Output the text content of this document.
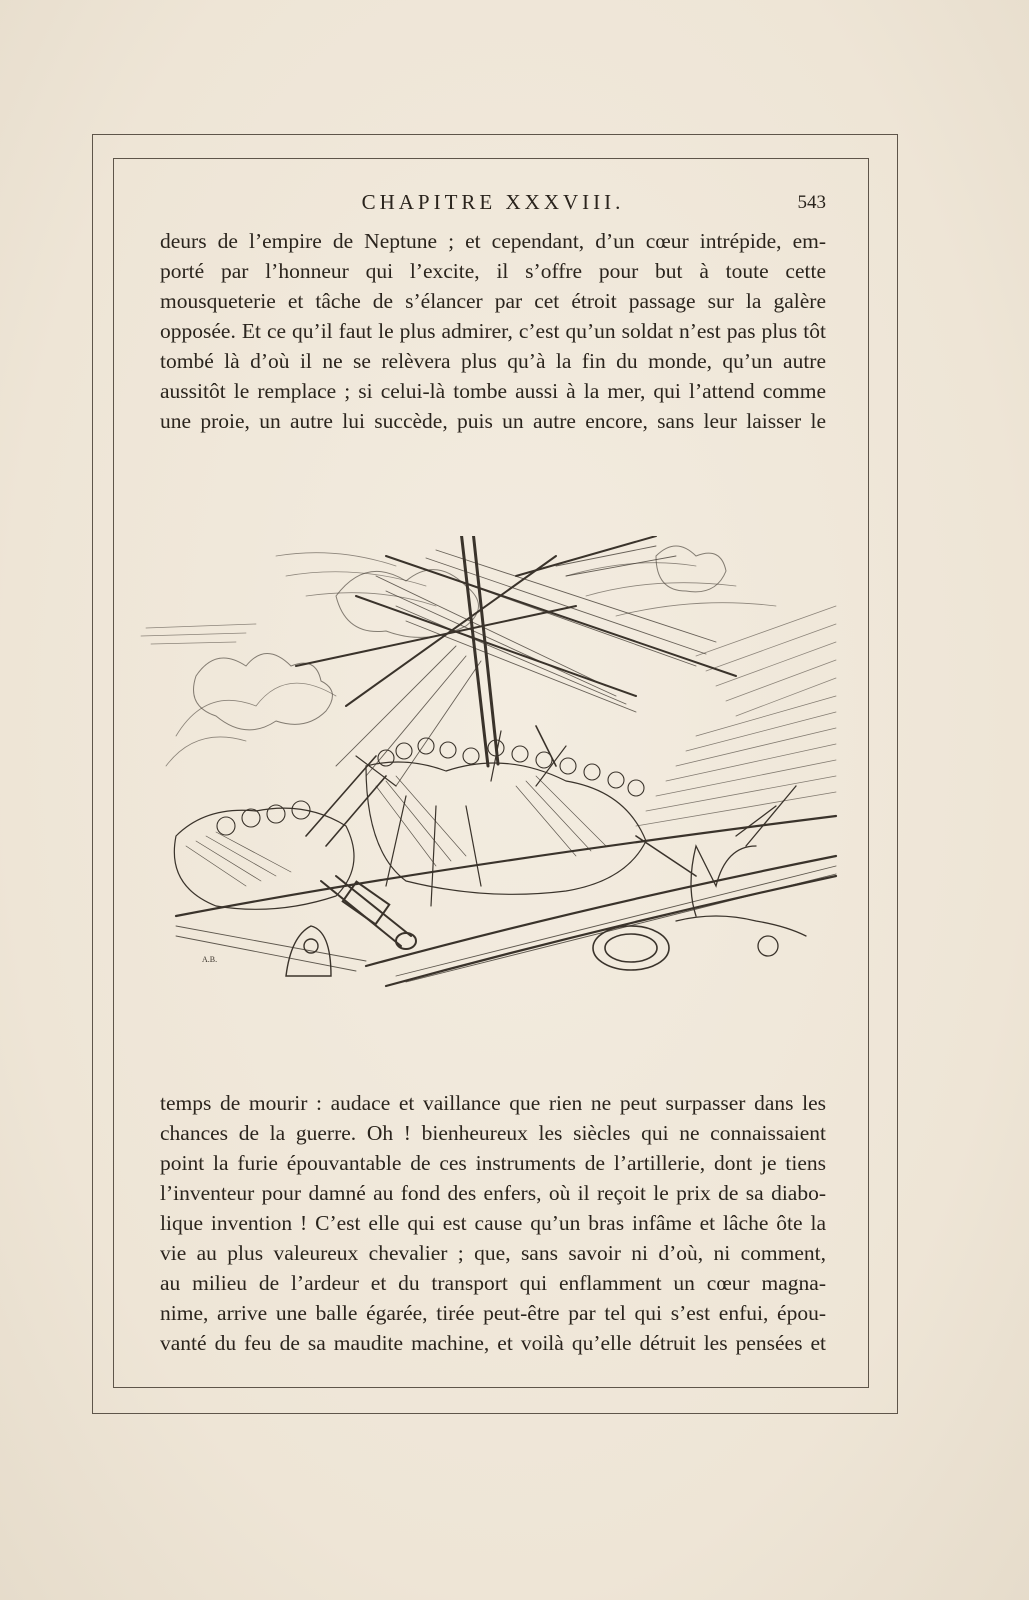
CHAPITRE XXXVIII.	543
deurs de l’empire de Neptune ; et cependant, d’un cœur intrépide, em-
porté par l’honneur qui l’excite, il s’offre pour but à toute cette
mousqueterie et tâche de s’élancer par cet étroit passage sur la galère
opposée. Et ce qu’il faut le plus admirer, c’est qu’un soldat n’est pas plus tôt
tombé là d’où il ne se relèvera plus qu’à la fin du monde, qu’un autre
aussitôt le remplace ; si celui-là tombe aussi à la mer, qui l’attend comme
une proie, un autre lui succède, puis un autre encore, sans leur laisser le
A.B.
temps de mourir : audace et vaillance que rien ne peut surpasser dans les
chances de la guerre. Oh ! bienheureux les siècles qui ne connaissaient
point la furie épouvantable de ces instruments de l’artillerie, dont je tiens
l’inventeur pour damné au fond des enfers, où il reçoit le prix de sa diabo-
lique invention ! C’est elle qui est cause qu’un bras infâme et lâche ôte la
vie au plus valeureux chevalier ; que, sans savoir ni d’où, ni comment,
au milieu de l’ardeur et du transport qui enflamment un cœur magna-
nime, arrive une balle égarée, tirée peut-être par tel qui s’est enfui, épou-
vanté du feu de sa maudite machine, et voilà qu’elle détruit les pensées et
